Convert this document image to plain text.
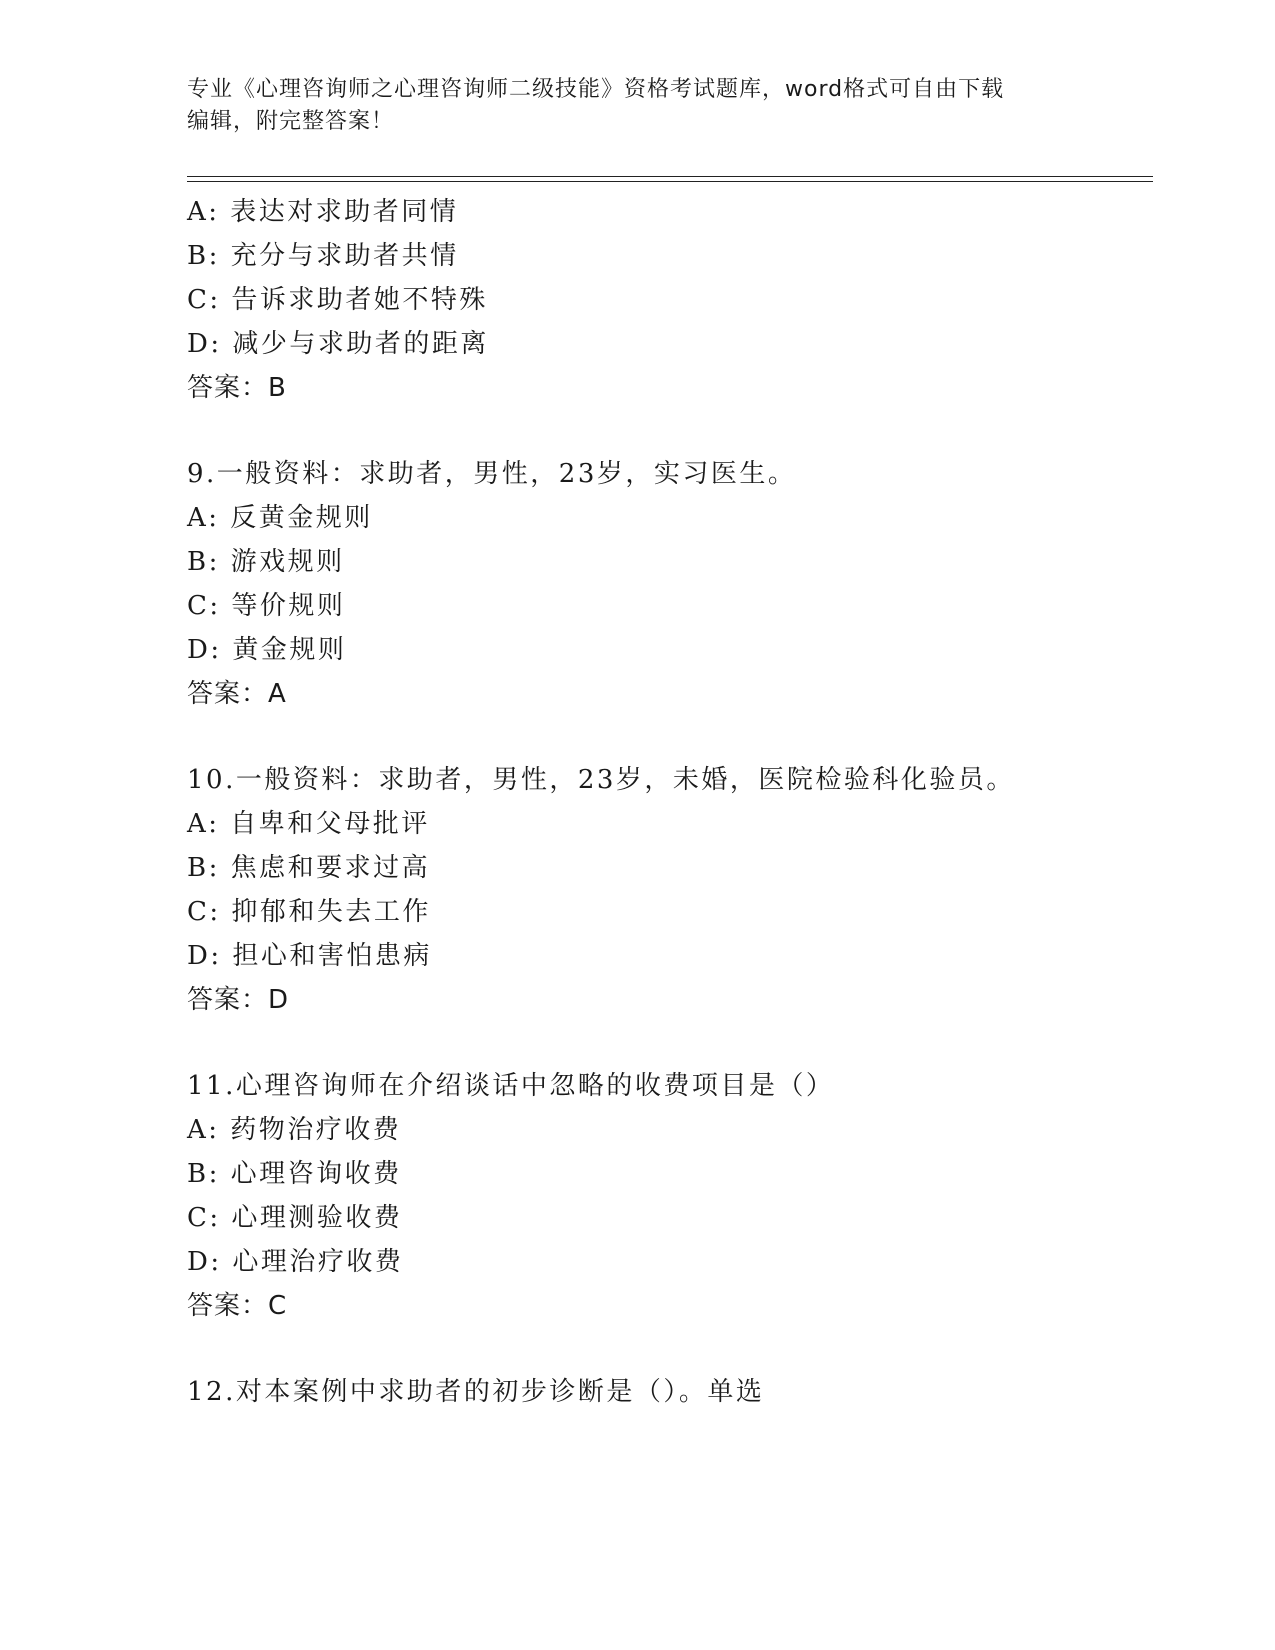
专业《心理咨询师之心理咨询师二级技能》资格考试题库，word格式可自由下载
编辑，附完整答案！
A: 表达对求助者同情
B: 充分与求助者共情
C: 告诉求助者她不特殊
D: 减少与求助者的距离
答案：B
9.一般资料：求助者，男性，23岁，实习医生。
A: 反黄金规则
B: 游戏规则
C: 等价规则
D: 黄金规则
答案：A
10.一般资料：求助者，男性，23岁，未婚，医院检验科化验员。
A: 自卑和父母批评
B: 焦虑和要求过高
C: 抑郁和失去工作
D: 担心和害怕患病
答案：D
11.心理咨询师在介绍谈话中忽略的收费项目是（）
A: 药物治疗收费
B: 心理咨询收费
C: 心理测验收费
D: 心理治疗收费
答案：C
12.对本案例中求助者的初步诊断是（）。单选
